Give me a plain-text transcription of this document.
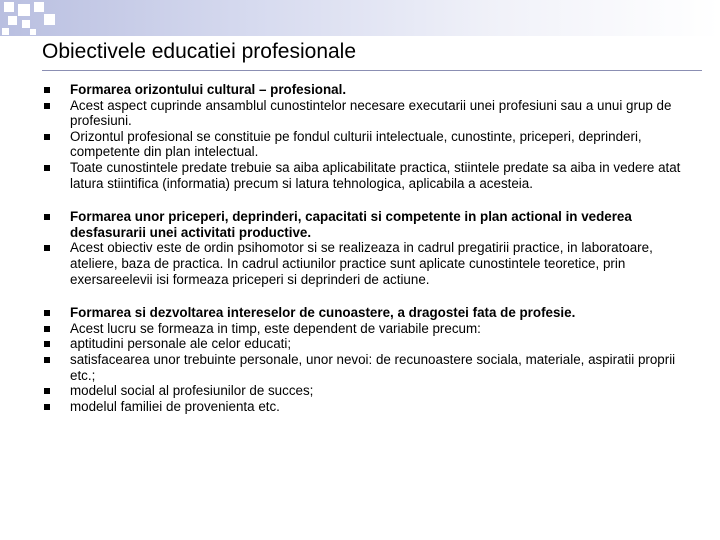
Obiectivele educatiei profesionale
Formarea orizontului cultural – profesional.
Acest aspect cuprinde ansamblul cunostintelor necesare executarii unei profesiuni sau a unui grup de profesiuni.
Orizontul profesional se constituie pe fondul culturii intelectuale, cunostinte, priceperi, deprinderi, competente din plan intelectual.
Toate cunostintele predate trebuie sa aiba aplicabilitate practica, stiintele predate sa aiba in vedere atat latura stiintifica (informatia) precum si latura tehnologica, aplicabila a acesteia.
Formarea unor priceperi, deprinderi, capacitati si competente in plan actional in vederea desfasurarii unei activitati productive.
Acest obiectiv este de ordin psihomotor si se realizeaza in cadrul pregatirii practice, in laboratoare, ateliere, baza de practica. In cadrul actiunilor practice sunt aplicate cunostintele teoretice, prin exersareelevii isi formeaza priceperi si deprinderi de actiune.
Formarea si dezvoltarea intereselor de cunoastere, a dragostei fata de profesie.
Acest lucru se formeaza in timp, este dependent de variabile precum:
aptitudini personale ale celor educati;
satisfacearea unor trebuinte personale, unor nevoi: de recunoastere sociala, materiale, aspiratii proprii etc.;
modelul social al profesiunilor de succes;
modelul familiei de provenienta etc.
